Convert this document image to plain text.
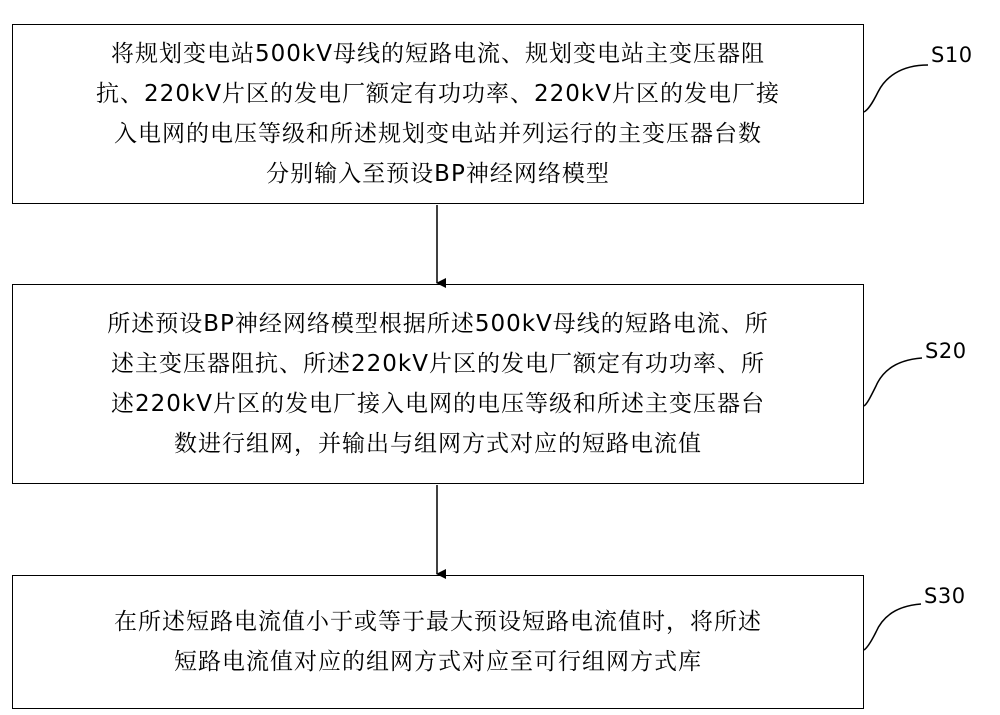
将规划变电站500kV母线的短路电流、规划变电站主变压器阻
抗、220kV片区的发电厂额定有功功率、220kV片区的发电厂接
入电网的电压等级和所述规划变电站并列运行的主变压器台数
分别输入至预设BP神经网络模型
S10
所述预设BP神经网络模型根据所述500kV母线的短路电流、所
述主变压器阻抗、所述220kV片区的发电厂额定有功功率、所
述220kV片区的发电厂接入电网的电压等级和所述主变压器台
数进行组网，并输出与组网方式对应的短路电流值
S20
在所述短路电流值小于或等于最大预设短路电流值时，将所述
短路电流值对应的组网方式对应至可行组网方式库
S30
